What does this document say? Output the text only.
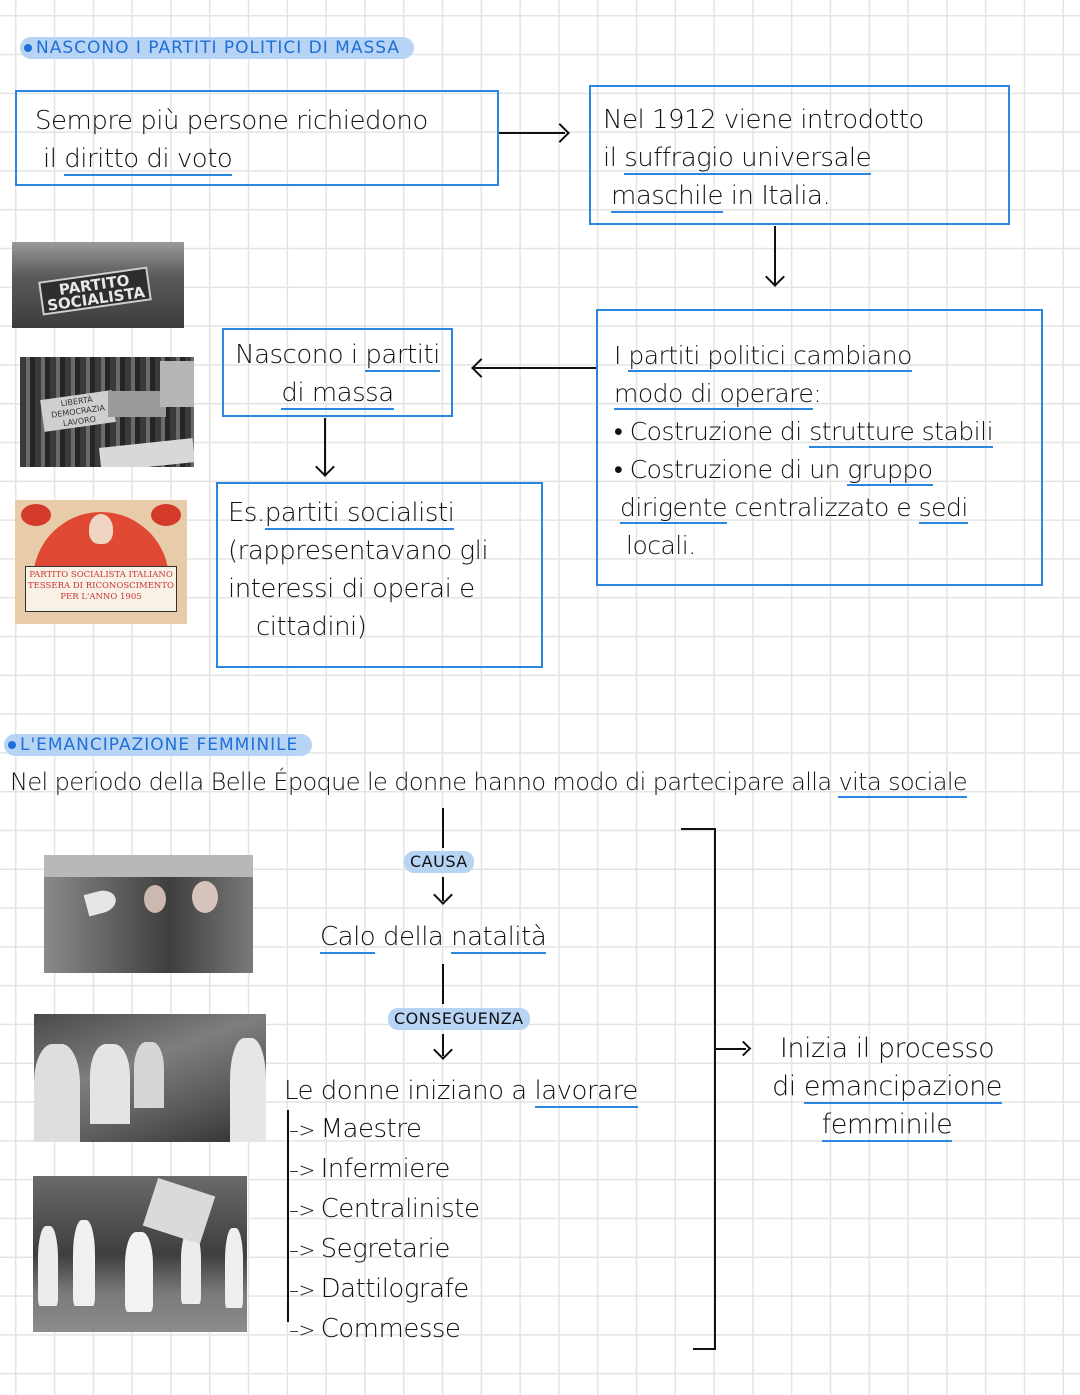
NASCONO I PARTITI POLITICI DI MASSA
Sempre più persone richiedono
il diritto di voto
Nel 1912 viene introdotto
il suffragio universale
maschile in Italia.
PARTITO SOCIALISTA
LIBERTÀ DEMOCRAZIA LAVORO
PARTITO SOCIALISTA ITALIANO
TESSERA DI RICONOSCIMENTO
PER L'ANNO 1905
Nascono i partiti
di massa
Es.partiti socialisti
(rappresentavano gli
interessi di operai e
cittadini)
I partiti politici cambiano
modo di operare:
• Costruzione di strutture stabili
• Costruzione di un gruppo
dirigente centralizzato e sedi
locali.
L'EMANCIPAZIONE FEMMINILE
Nel periodo della Belle Époque le donne hanno modo di partecipare alla vita sociale
CAUSA
Calo della natalità
CONSEGUENZA
Le donne iniziano a lavorare
–> Maestre
–> Infermiere
–> Centraliniste
–> Segretarie
–> Dattilografe
–> Commesse
Inizia il processo
di emancipazione
femminile
